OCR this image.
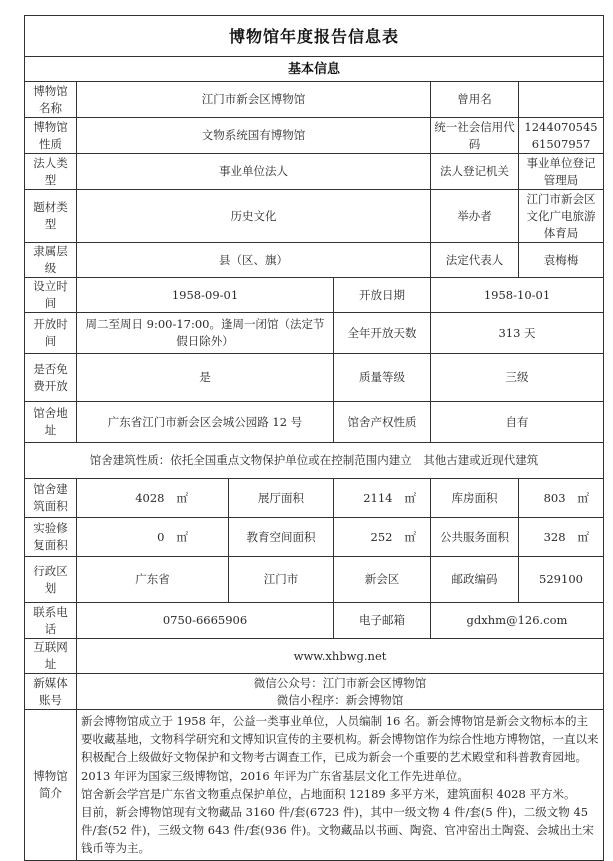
博物馆年度报告信息表					
基本信息					
博物馆名称	江门市新会区博物馆			曾用名	
博物馆性质	文物系统国有博物馆			统一社会信用代码	124407054561507957
法人类型	事业单位法人			法人登记机关	事业单位登记管理局
题材类型	历史文化			举办者	江门市新会区文化广电旅游体育局
隶属层级	县（区、旗）			法定代表人	袁梅梅
设立时间	1958-09-01		开放日期	1958-10-01	
开放时间	周二至周日 9:00-17:00。逢周一闭馆（法定节假日除外）		全年开放天数	313 天	
是否免费开放	是		质量等级	三级	
馆舍地址	广东省江门市新会区会城公园路 12 号		馆舍产权性质	自有	
馆舍建筑性质：依托全国重点文物保护单位或在控制范围内建立　其他古建或近现代建筑					
馆舍建筑面积	4028 ㎡	展厅面积	2114 ㎡	库房面积	803 ㎡
实验修复面积	0 ㎡	教育空间面积	252 ㎡	公共服务面积	328 ㎡
行政区划	广东省	江门市	新会区	邮政编码	529100
联系电话	0750-6665906		电子邮箱	gdxhm@126.com	
互联网址	www.xhbwg.net				
新媒体账号	微信公众号：江门市新会区博物馆
微信小程序：新会博物馆				

博物馆简介	新会博物馆成立于 1958 年，公益一类事业单位，人员编制 16 名。新会博物馆是新会文物标本的主要收藏基地，文物科学研究和文博知识宣传的主要机构。新会博物馆作为综合性地方博物馆，一直以来积极配合上级做好文物保护和文物考古调查工作，已成为新会一个重要的艺术殿堂和科普教育园地。2013 年评为国家三级博物馆，2016 年评为广东省基层文化工作先进单位。

馆舍新会学宫是广东省文物重点保护单位，占地面积 12189 多平方米，建筑面积 4028 平方米。

目前，新会博物馆现有文物藏品 3160 件/套(6723 件)，其中一级文物 4 件/套(5 件)，二级文物 45 件/套(52 件)，三级文物 643 件/套(936 件)。文物藏品以书画、陶瓷、官冲窑出土陶瓷、会城出土宋钱币等为主。				
